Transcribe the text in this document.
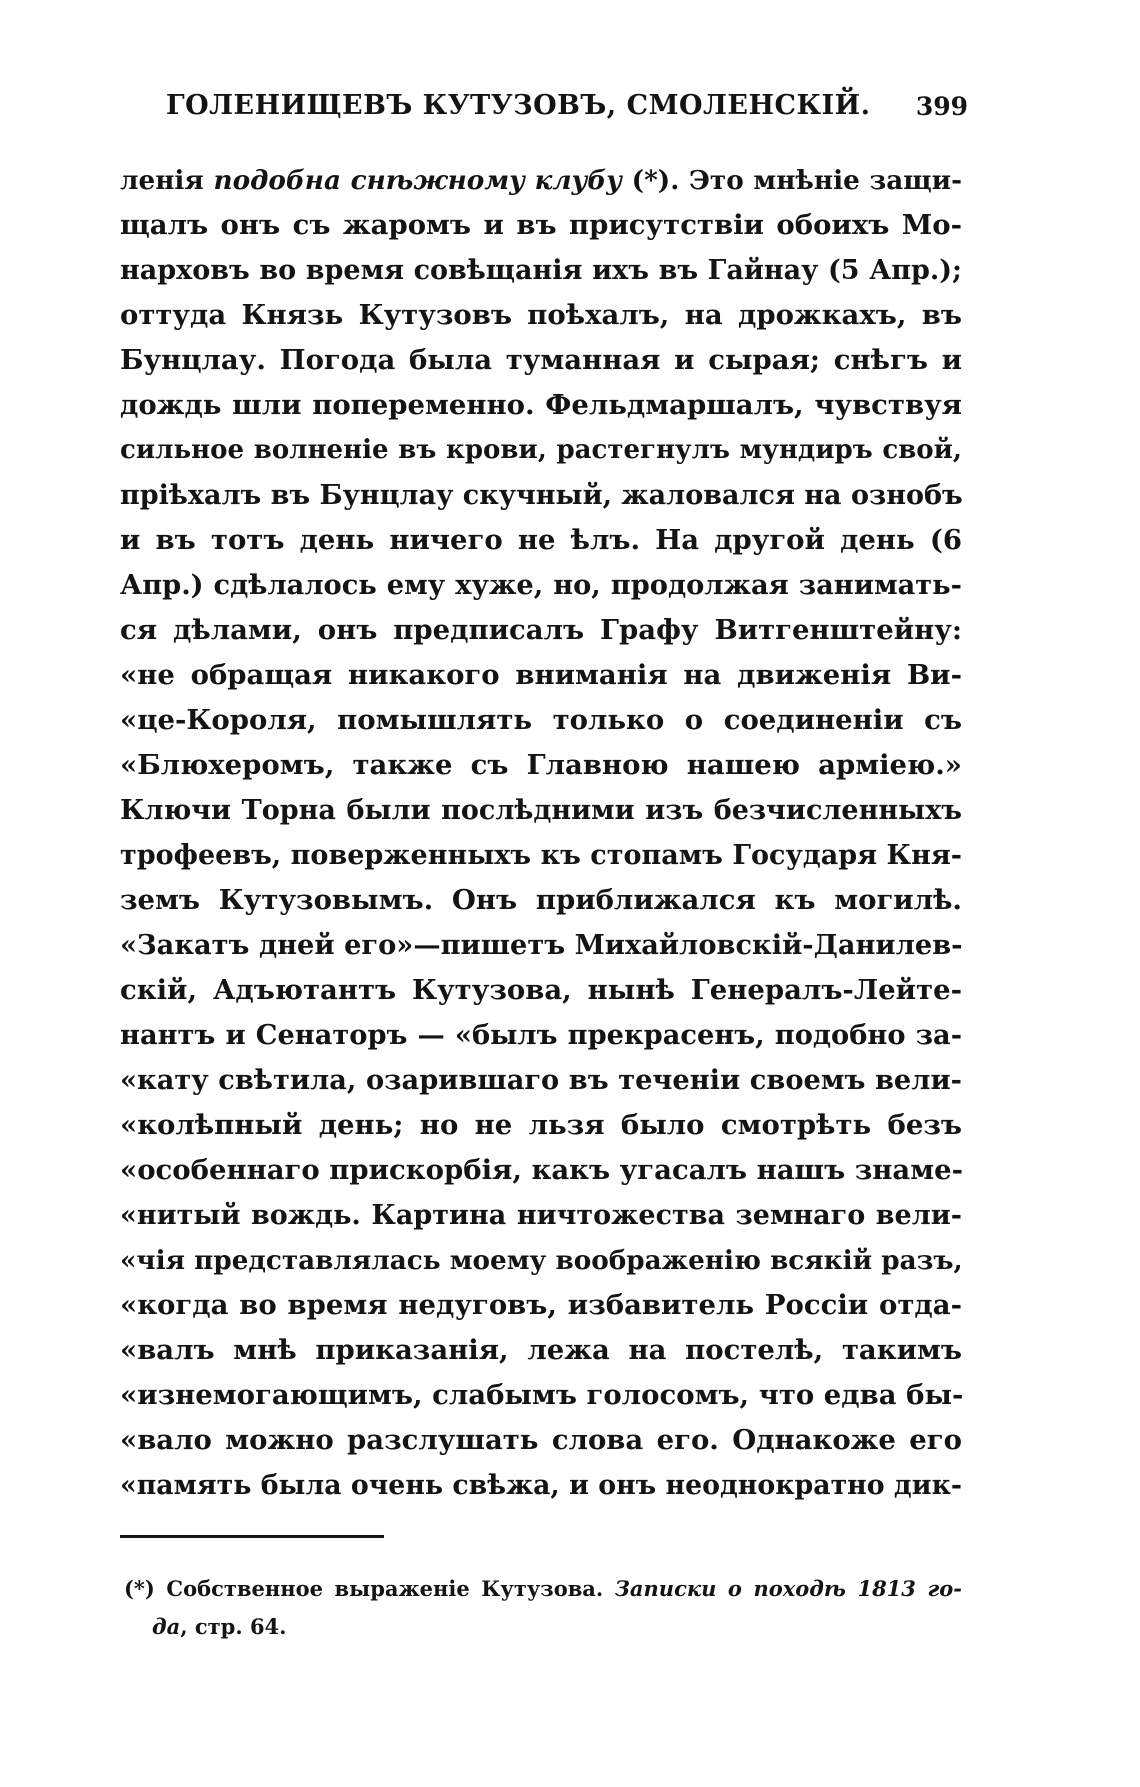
ГОЛЕНИЩЕВЪ КУТУЗОВЪ, СМОЛЕНСКІЙ. 399
ленія подобна снѣжному клубу (*). Это мнѣніе защи-
щалъ онъ съ жаромъ и въ присутствіи обоихъ Мо-
нарховъ во время совѣщанія ихъ въ Гайнау (5 Апр.);
оттуда Князь Кутузовъ поѣхалъ, на дрожкахъ, въ
Бунцлау. Погода была туманная и сырая; снѣгъ и
дождь шли попеременно. Фельдмаршалъ, чувствуя
сильное волненіе въ крови, растегнулъ мундиръ свой,
пріѣхалъ въ Бунцлау скучный, жаловался на ознобъ
и въ тотъ день ничего не ѣлъ. На другой день (6
Апр.) сдѣлалось ему хуже, но, продолжая занимать-
ся дѣлами, онъ предписалъ Графу Витгенштейну:
«не обращая никакого вниманія на движенія Ви-
«це-Короля, помышлять только о соединеніи съ
«Блюхеромъ, также съ Главною нашею арміею.»
Ключи Торна были послѣдними изъ безчисленныхъ
трофеевъ, поверженныхъ къ стопамъ Государя Кня-
земъ Кутузовымъ. Онъ приближался къ могилѣ.
«Закатъ дней его»—пишетъ Михайловскій-Данилев-
скій, Адъютантъ Кутузова, нынѣ Генералъ-Лейте-
нантъ и Сенаторъ — «былъ прекрасенъ, подобно за-
«кату свѣтила, озарившаго въ теченіи своемъ вели-
«колѣпный день; но не льзя было смотрѣть безъ
«особеннаго прискорбія, какъ угасалъ нашъ знаме-
«нитый вождь. Картина ничтожества земнаго вели-
«чія представлялась моему воображенію всякій разъ,
«когда во время недуговъ, избавитель Россіи отда-
«валъ мнѣ приказанія, лежа на постелѣ, такимъ
«изнемогающимъ, слабымъ голосомъ, что едва бы-
«вало можно разслушать слова его. Однакоже его
«память была очень свѣжа, и онъ неоднократно дик-
(*) Собственное выраженіе Кутузова. Записки о походѣ 1813 го-
да, стр. 64.
